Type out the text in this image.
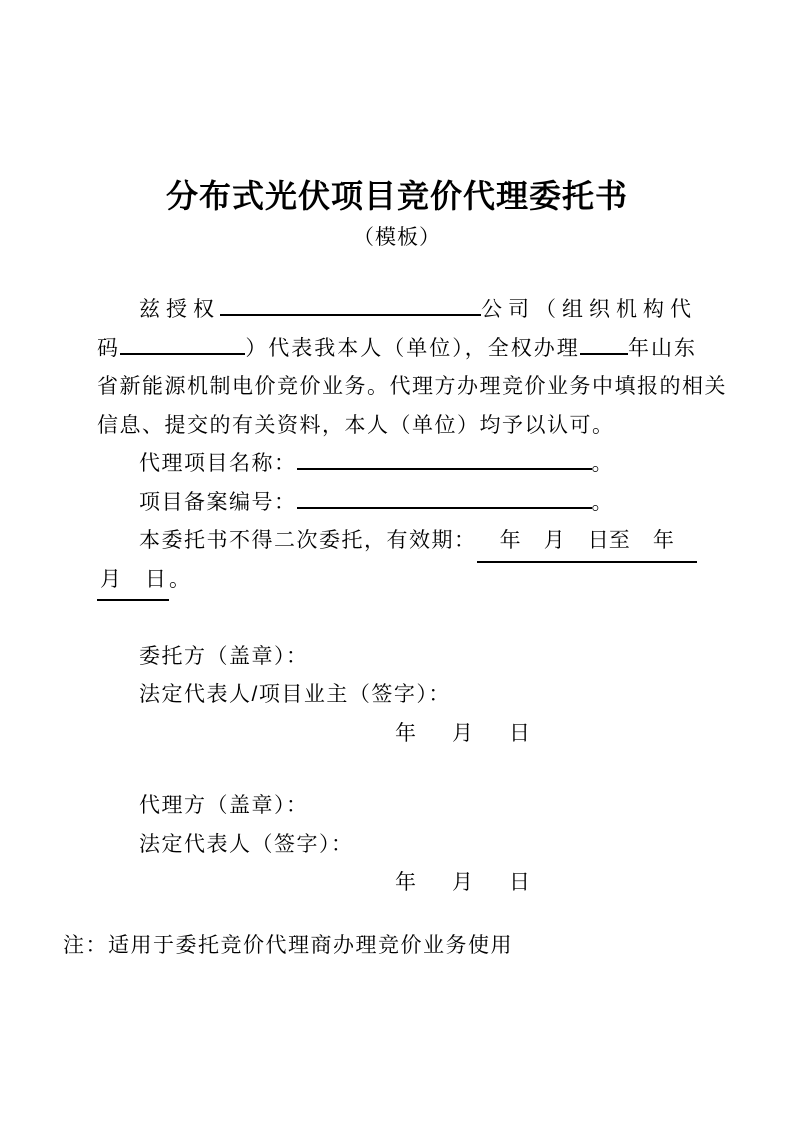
分布式光伏项目竞价代理委托书
（模板）
兹授权	公司（组织机构代
码	）代表我本人（单位），全权办理 年山东
省新能源机制电价竞价业务。代理方办理竞价业务中填报的相关
信息、提交的有关资料，本人（单位）均予以认可。
代理项目名称：	。
项目备案编号：	。
本委托书不得二次委托，有效期： 年 月 日至 年
月 日 。
委托方（盖章）：
法定代表人/项目业主（签字）：
年 月 日
代理方（盖章）：
法定代表人（签字）：
年 月 日
注：适用于委托竞价代理商办理竞价业务使用
